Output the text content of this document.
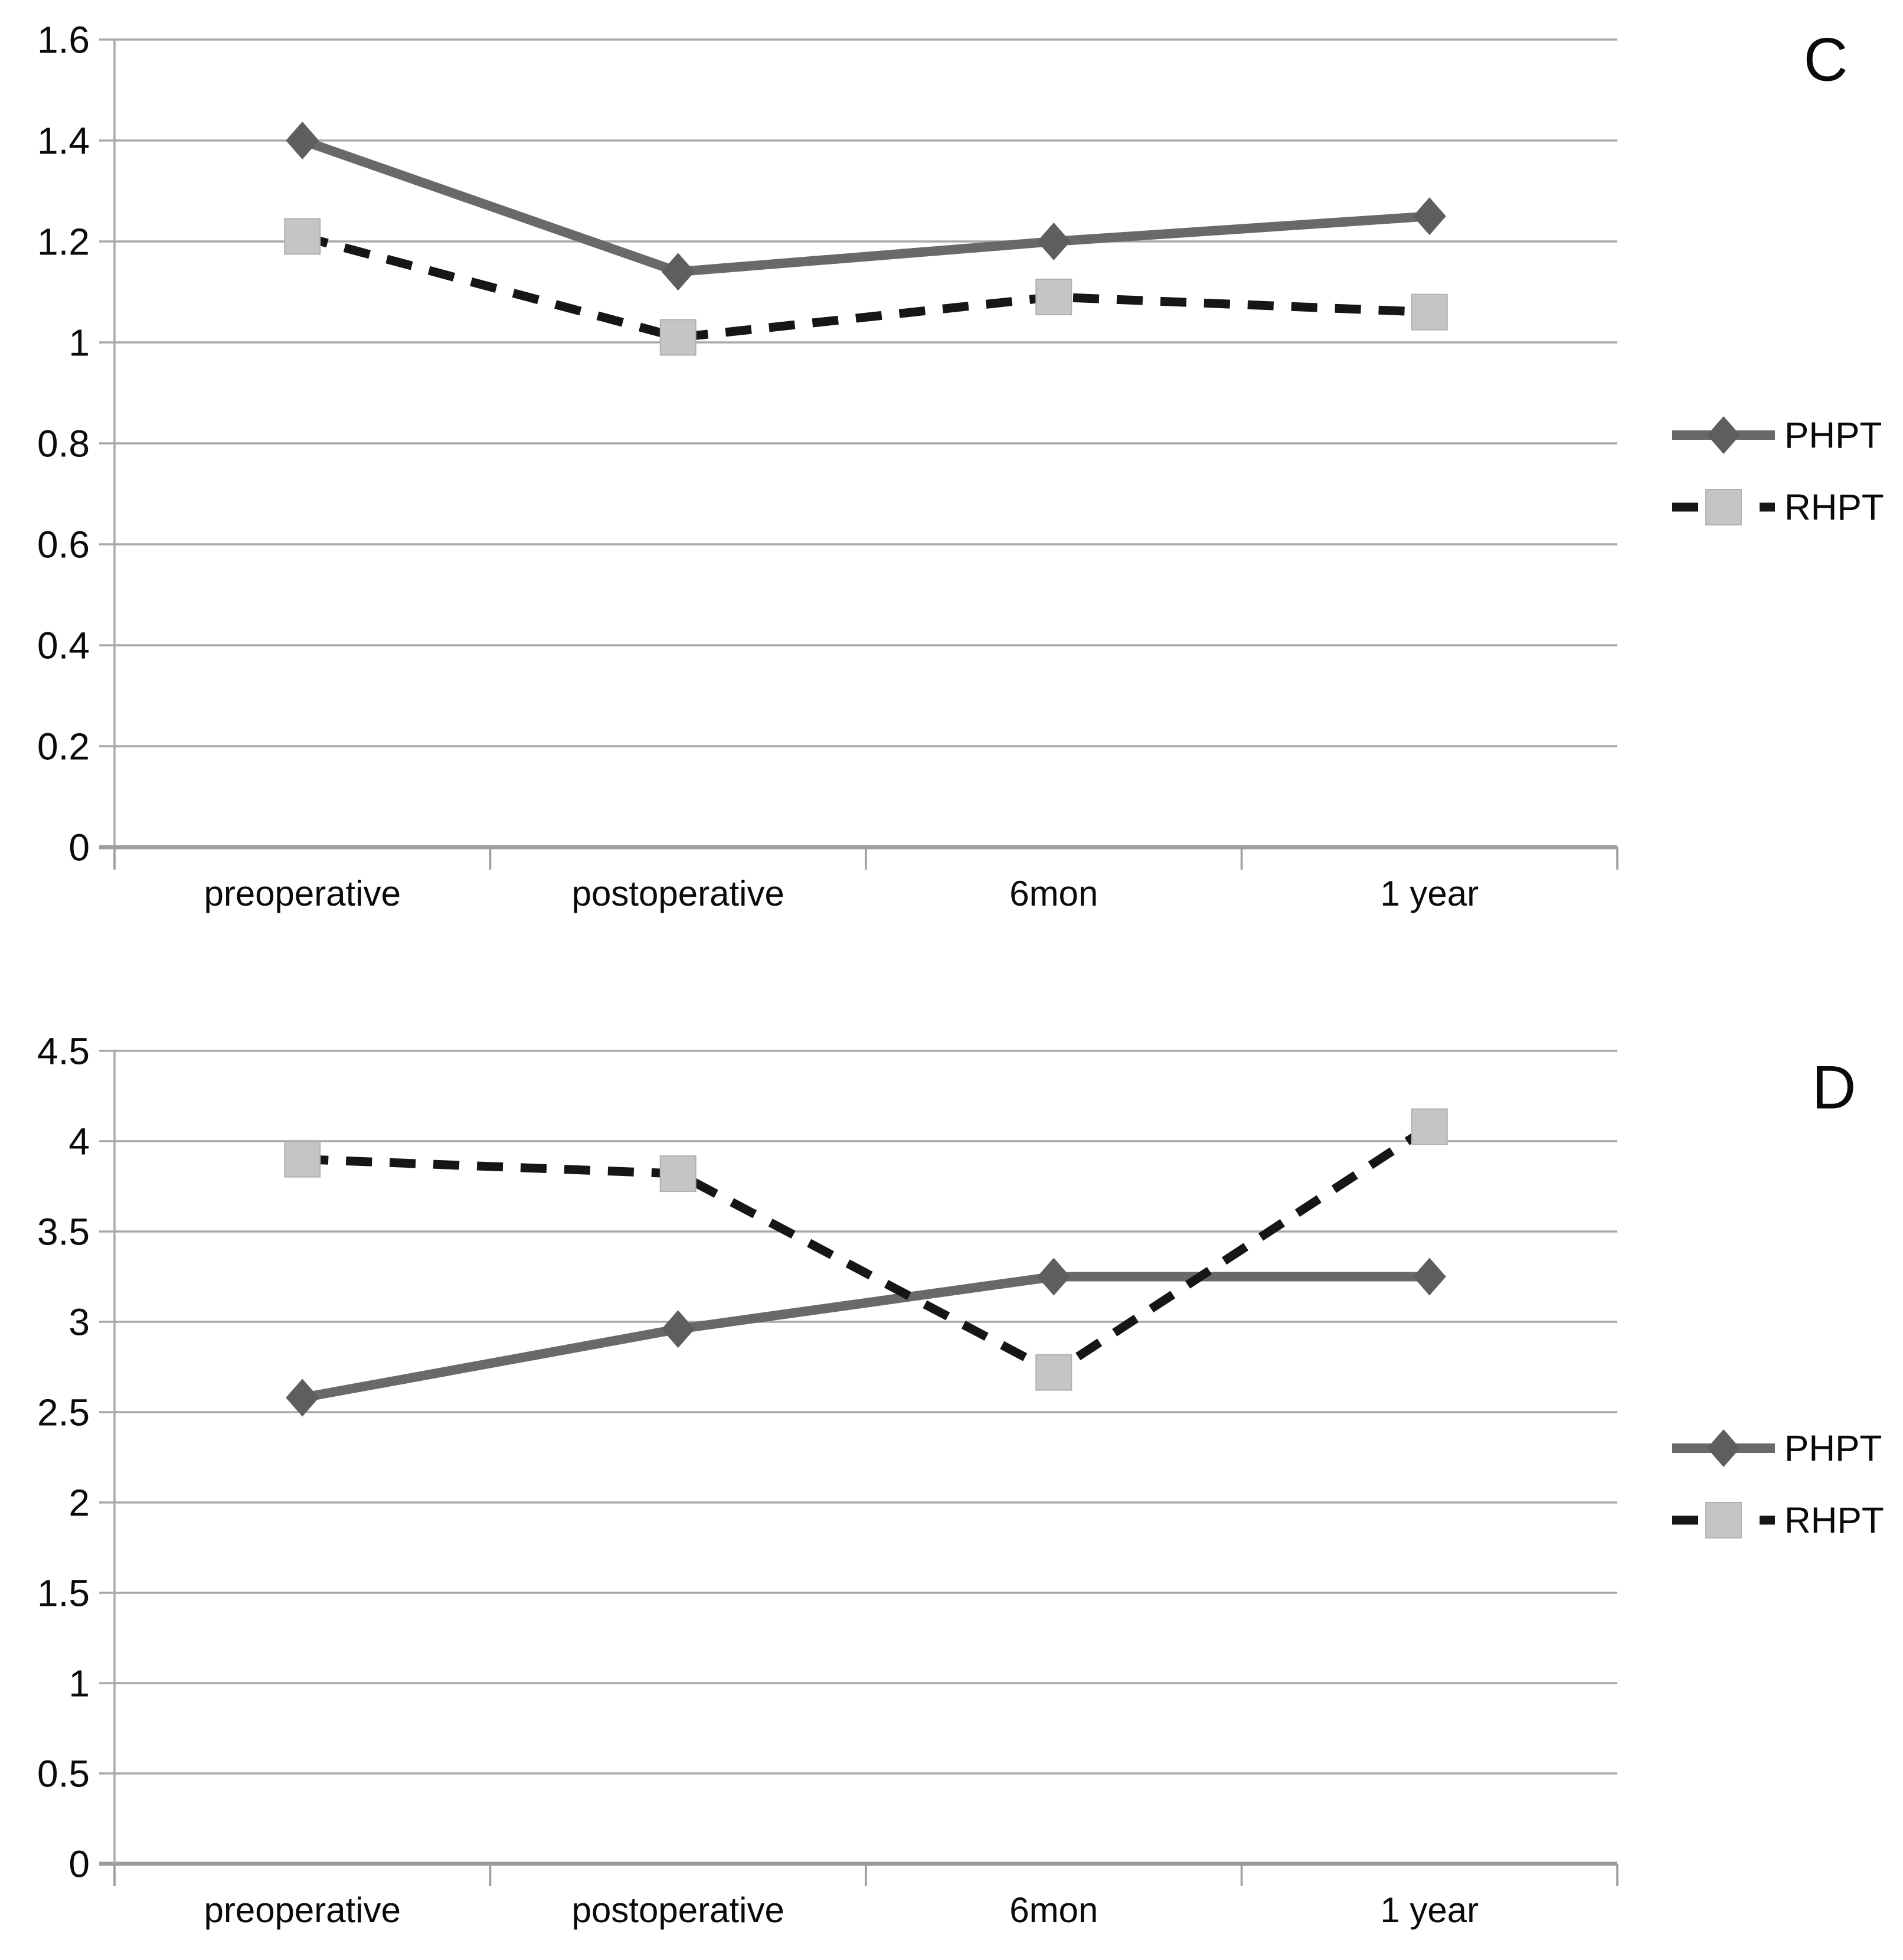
0
0.2
0.4
0.6
0.8
1
1.2
1.4
1.6
preoperative	postoperative	6mon	1 year
PHPT
RHPT
C
0
0.5
1
1.5
2
2.5
3
3.5
4
4.5
preoperative	postoperative	6mon	1 year
PHPT
RHPT
D
